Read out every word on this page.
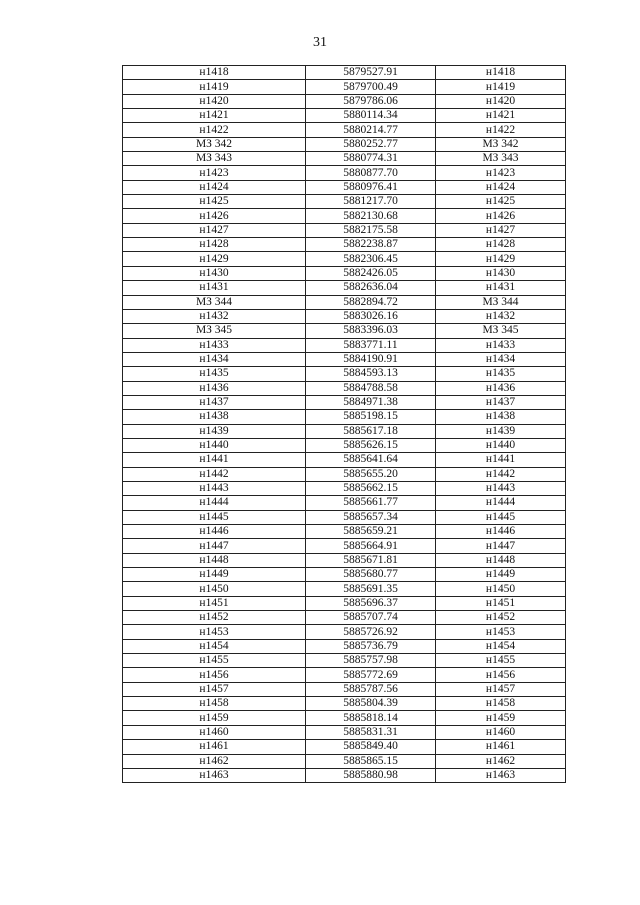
31
н1418	5879527.91	н1418
н1419	5879700.49	н1419
н1420	5879786.06	н1420
н1421	5880114.34	н1421
н1422	5880214.77	н1422
МЗ 342	5880252.77	МЗ 342
МЗ 343	5880774.31	МЗ 343
н1423	5880877.70	н1423
н1424	5880976.41	н1424
н1425	5881217.70	н1425
н1426	5882130.68	н1426
н1427	5882175.58	н1427
н1428	5882238.87	н1428
н1429	5882306.45	н1429
н1430	5882426.05	н1430
н1431	5882636.04	н1431
МЗ 344	5882894.72	МЗ 344
н1432	5883026.16	н1432
МЗ 345	5883396.03	МЗ 345
н1433	5883771.11	н1433
н1434	5884190.91	н1434
н1435	5884593.13	н1435
н1436	5884788.58	н1436
н1437	5884971.38	н1437
н1438	5885198.15	н1438
н1439	5885617.18	н1439
н1440	5885626.15	н1440
н1441	5885641.64	н1441
н1442	5885655.20	н1442
н1443	5885662.15	н1443
н1444	5885661.77	н1444
н1445	5885657.34	н1445
н1446	5885659.21	н1446
н1447	5885664.91	н1447
н1448	5885671.81	н1448
н1449	5885680.77	н1449
н1450	5885691.35	н1450
н1451	5885696.37	н1451
н1452	5885707.74	н1452
н1453	5885726.92	н1453
н1454	5885736.79	н1454
н1455	5885757.98	н1455
н1456	5885772.69	н1456
н1457	5885787.56	н1457
н1458	5885804.39	н1458
н1459	5885818.14	н1459
н1460	5885831.31	н1460
н1461	5885849.40	н1461
н1462	5885865.15	н1462
н1463	5885880.98	н1463
